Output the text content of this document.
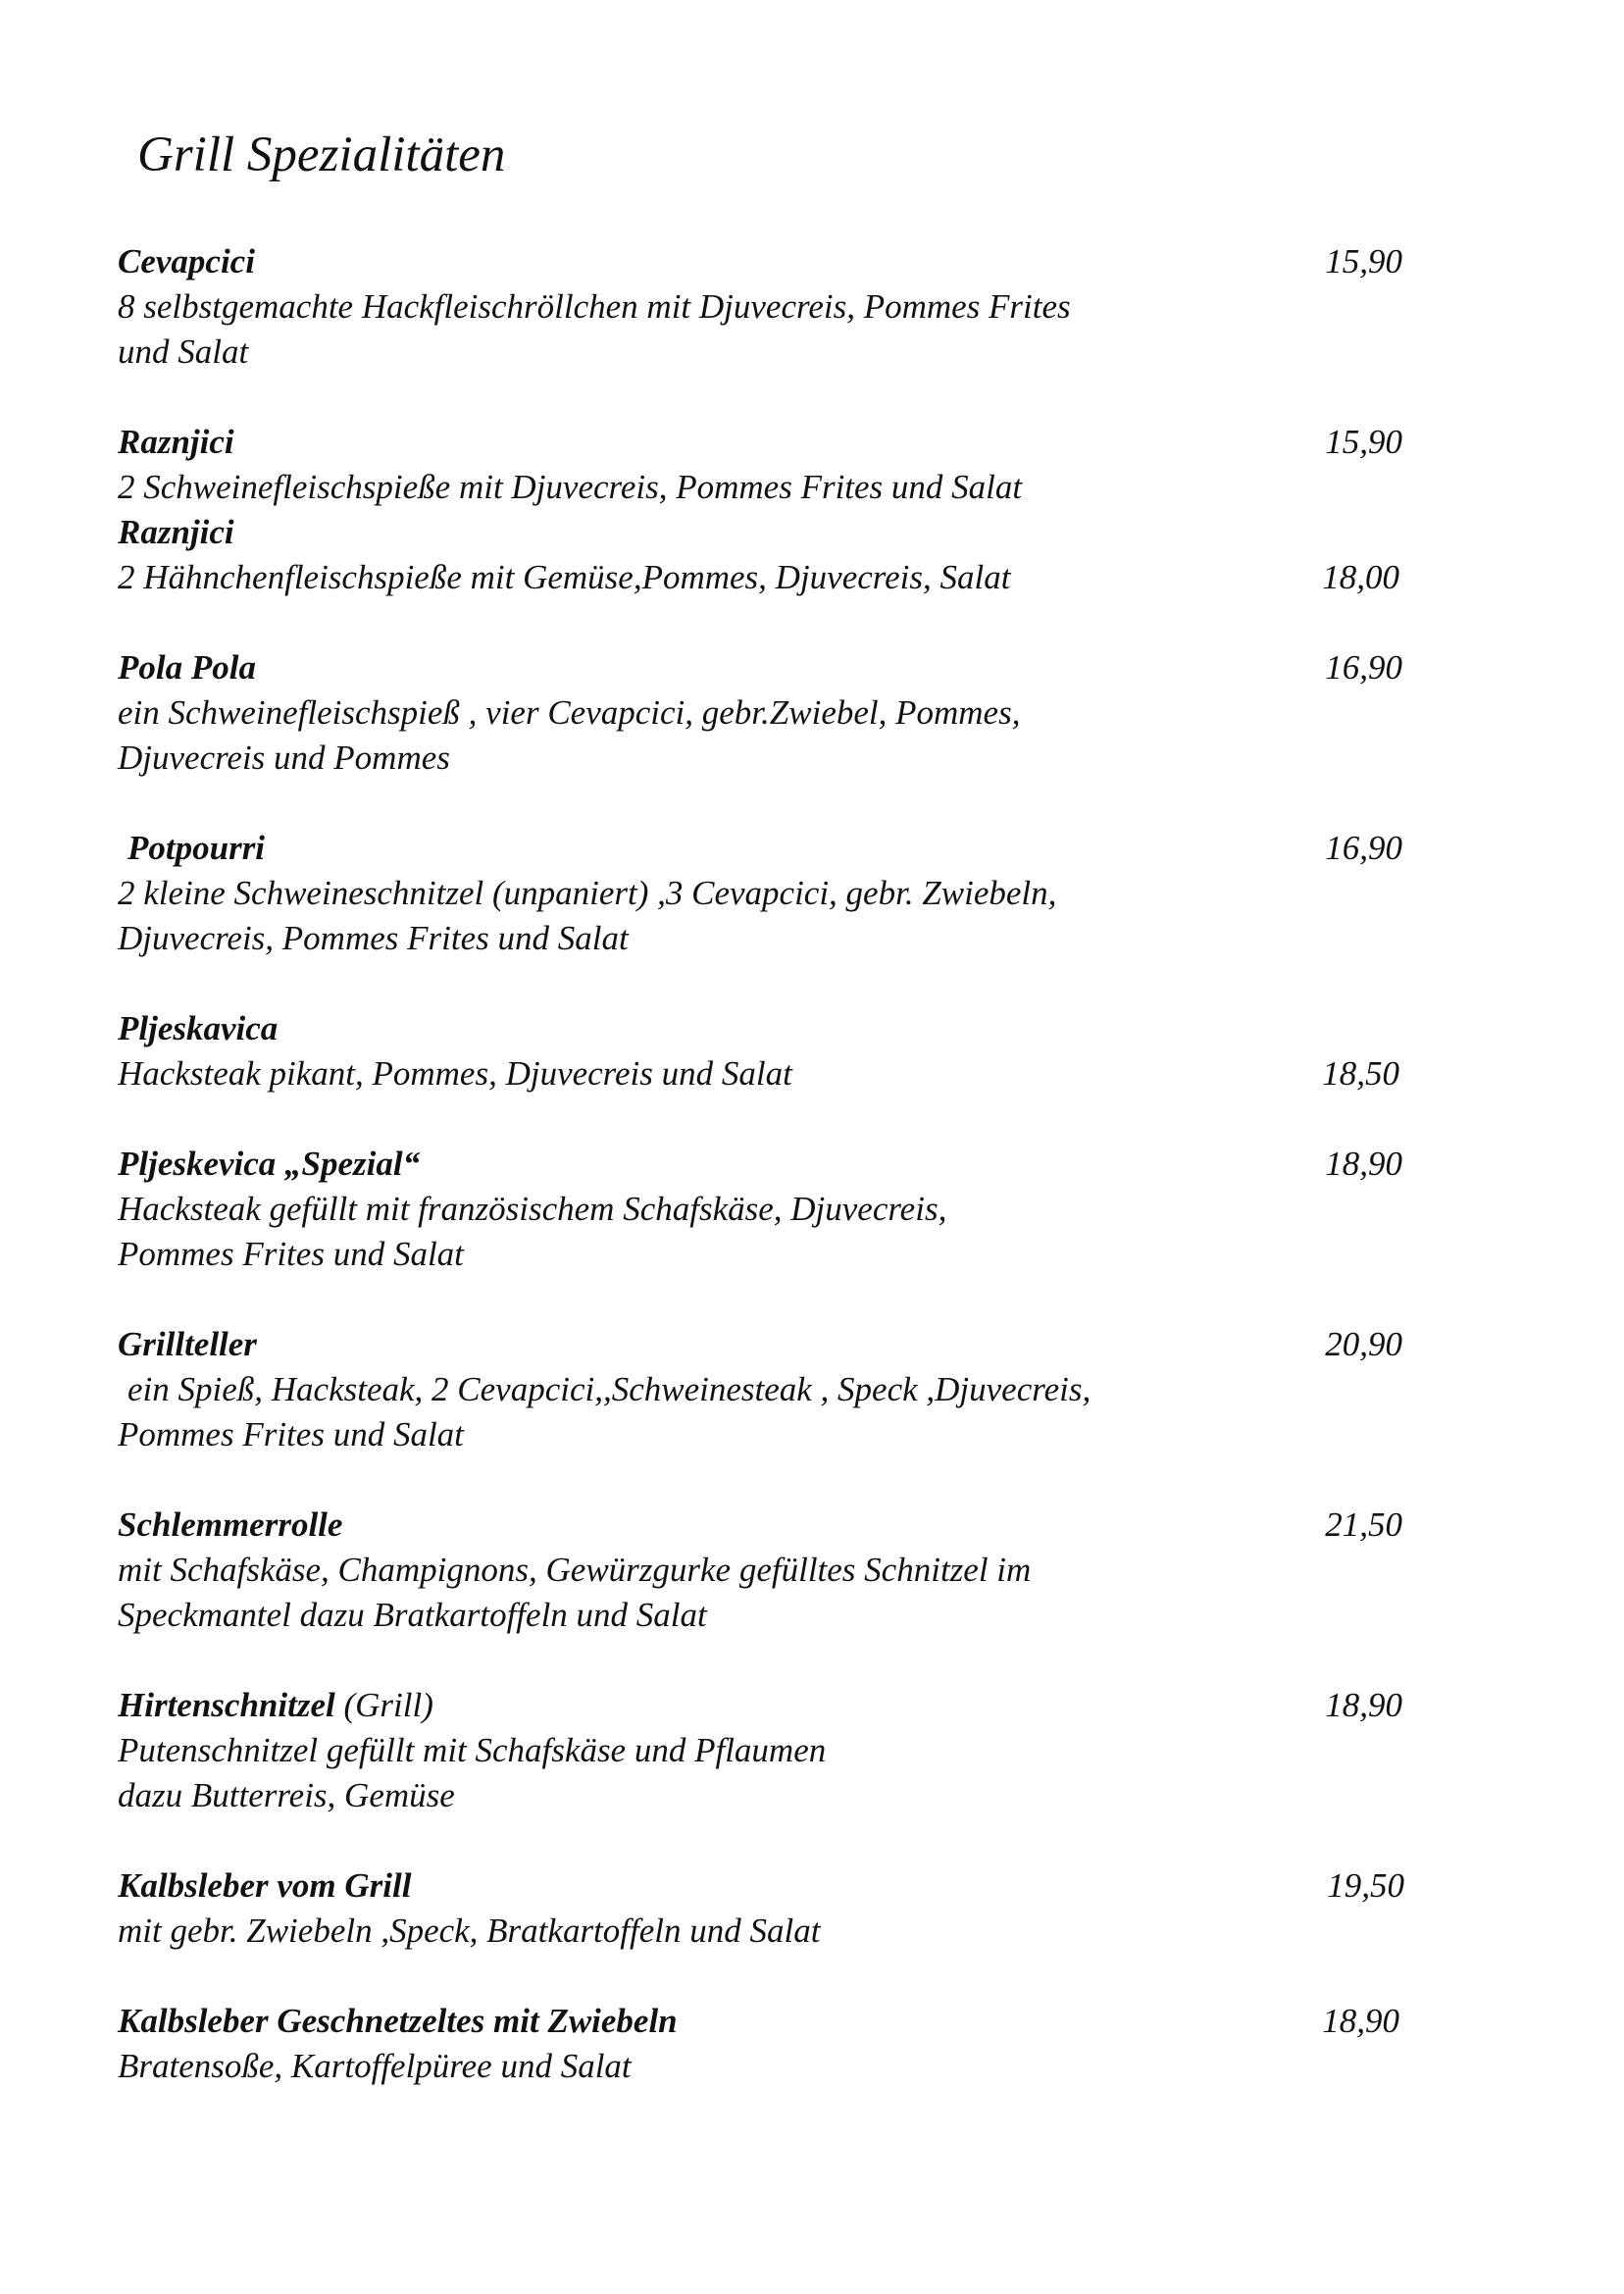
Grill Spezialitäten
Cevapcici	15,90
8 selbstgemachte Hackfleischröllchen mit Djuvecreis, Pommes Frites
und Salat
Raznjici	15,90
2 Schweinefleischspieße mit Djuvecreis, Pommes Frites und Salat
Raznjici
2 Hähnchenfleischspieße mit Gemüse,Pommes, Djuvecreis, Salat	18,00
Pola Pola	16,90
ein Schweinefleischspieß , vier Cevapcici, gebr.Zwiebel, Pommes,
Djuvecreis und Pommes
Potpourri	16,90
2 kleine Schweineschnitzel (unpaniert) ,3 Cevapcici, gebr. Zwiebeln,
Djuvecreis, Pommes Frites und Salat
Pljeskavica
Hacksteak pikant, Pommes, Djuvecreis und Salat	18,50
Pljeskevica „Spezial“	18,90
Hacksteak gefüllt mit französischem Schafskäse, Djuvecreis,
Pommes Frites und Salat
Grillteller	20,90
ein Spieß, Hacksteak, 2 Cevapcici,,Schweinesteak , Speck ,Djuvecreis,
Pommes Frites und Salat
Schlemmerrolle	21,50
mit Schafskäse, Champignons, Gewürzgurke gefülltes Schnitzel im
Speckmantel dazu Bratkartoffeln und Salat
Hirtenschnitzel (Grill)	18,90
Putenschnitzel gefüllt mit Schafskäse und Pflaumen
dazu Butterreis, Gemüse
Kalbsleber vom Grill	19,50
mit gebr. Zwiebeln ,Speck, Bratkartoffeln und Salat
Kalbsleber Geschnetzeltes mit Zwiebeln	18,90
Bratensoße, Kartoffelpüree und Salat
